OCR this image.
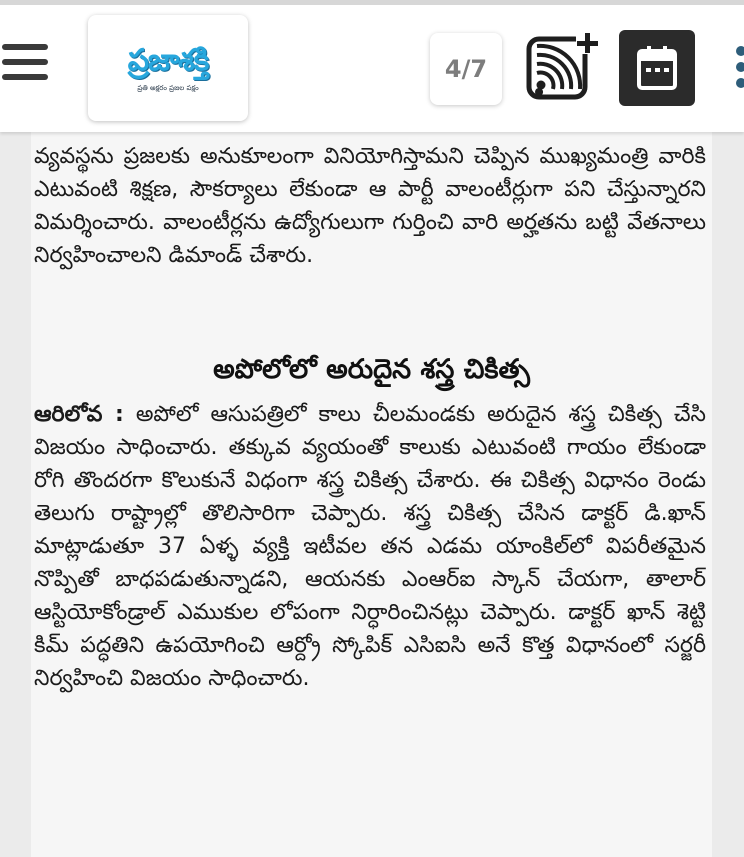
ప్రజాశక్తి
ప్రతి అక్షరం ప్రజల పక్షం
4/7
వ్యవస్థను ప్రజలకు అనుకూలంగా వినియోగిస్తామని చెప్పిన ముఖ్యమంత్రి వారికి ఎటువంటి శిక్షణ, సౌకర్యాలు లేకుండా ఆ పార్టీ వాలంటీర్లుగా పని చేస్తున్నారని విమర్శించారు. వాలంటీర్లను ఉద్యోగులుగా గుర్తించి వారి అర్హతను బట్టి వేతనాలు నిర్వహించాలని డిమాండ్ చేశారు.
అపోలోలో అరుదైన శస్త్ర చికిత్స
ఆరిలోవ : అపోలో ఆసుపత్రిలో కాలు చీలమండకు అరుదైన శస్త్ర చికిత్స చేసి విజయం సాధించారు. తక్కువ వ్యయంతో కాలుకు ఎటువంటి గాయం లేకుండా రోగి తొందరగా కొలుకునే విధంగా శస్త్ర చికిత్స చేశారు. ఈ చికిత్స విధానం రెండు తెలుగు రాష్ట్రాల్లో తొలిసారిగా చెప్పారు. శస్త్ర చికిత్స చేసిన డాక్టర్ డి.ఖాన్ మాట్లాడుతూ 37 ఏళ్ళ వ్యక్తి ఇటీవల తన ఎడమ యాంకిల్‌లో విపరీతమైన నొప్పితో బాధపడుతున్నాడని, ఆయనకు ఎంఆర్ఐ స్కాన్ చేయగా, తాలార్ ఆస్టియోకోండ్రాల్ ఎముకుల లోపంగా నిర్ధారించినట్లు చెప్పారు. డాక్టర్ ఖాన్ శెట్టి కిమ్ పద్ధతిని ఉపయోగించి ఆర్ద్రో స్కోపిక్ ఎసిఐసి అనే కొత్త విధానంలో సర్జరీ నిర్వహించి విజయం సాధించారు.
